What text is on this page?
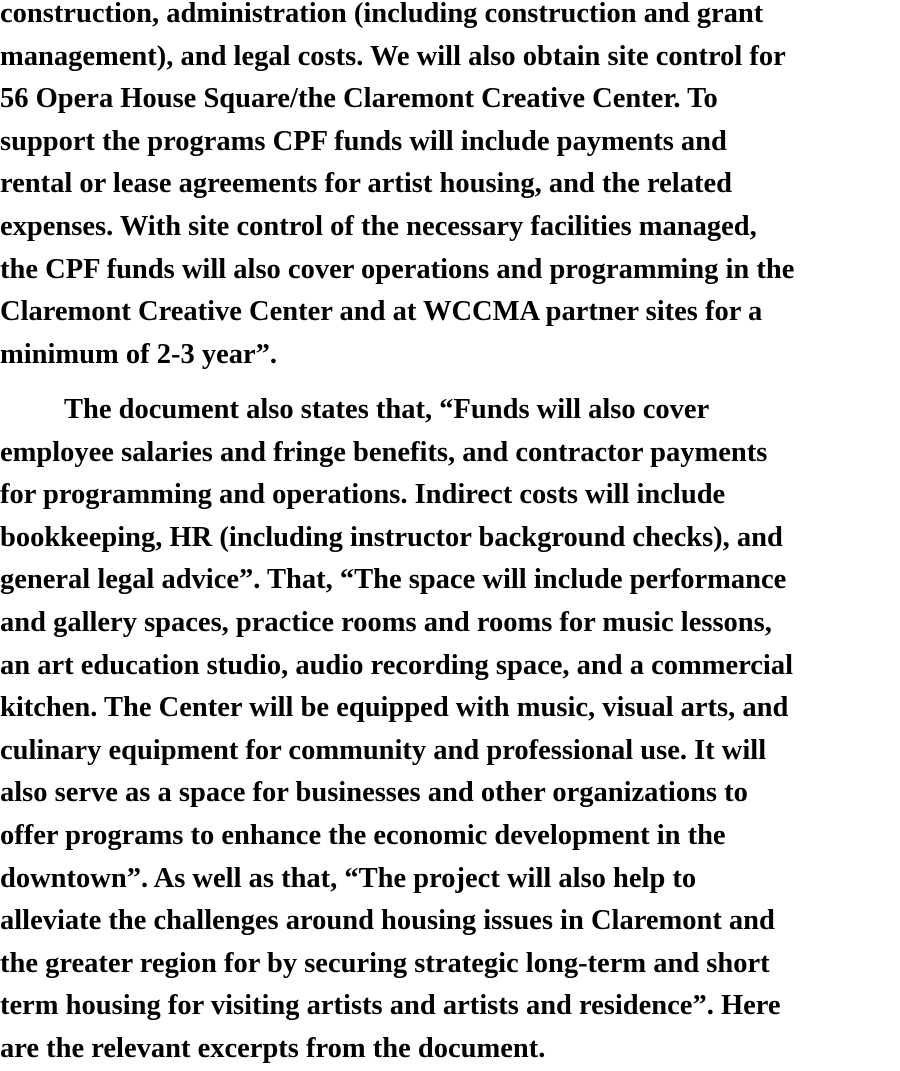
construction, administration (including construction and grant
management), and legal costs. We will also obtain site control for
56 Opera House Square/the Claremont Creative Center. To
support the programs CPF funds will include payments and
rental or lease agreements for artist housing, and the related
expenses. With site control of the necessary facilities managed,
the CPF funds will also cover operations and programming in the
Claremont Creative Center and at WCCMA partner sites for a
minimum of 2-3 year”.

The document also states that, “Funds will also cover
employee salaries and fringe benefits, and contractor payments
for programming and operations. Indirect costs will include
bookkeeping, HR (including instructor background checks), and
general legal advice”. That, “The space will include performance
and gallery spaces, practice rooms and rooms for music lessons,
an art education studio, audio recording space, and a commercial
kitchen. The Center will be equipped with music, visual arts, and
culinary equipment for community and professional use. It will
also serve as a space for businesses and other organizations to
offer programs to enhance the economic development in the
downtown”. As well as that, “The project will also help to
alleviate the challenges around housing issues in Claremont and
the greater region for by securing strategic long-term and short
term housing for visiting artists and artists and residence”. Here
are the relevant excerpts from the document.
